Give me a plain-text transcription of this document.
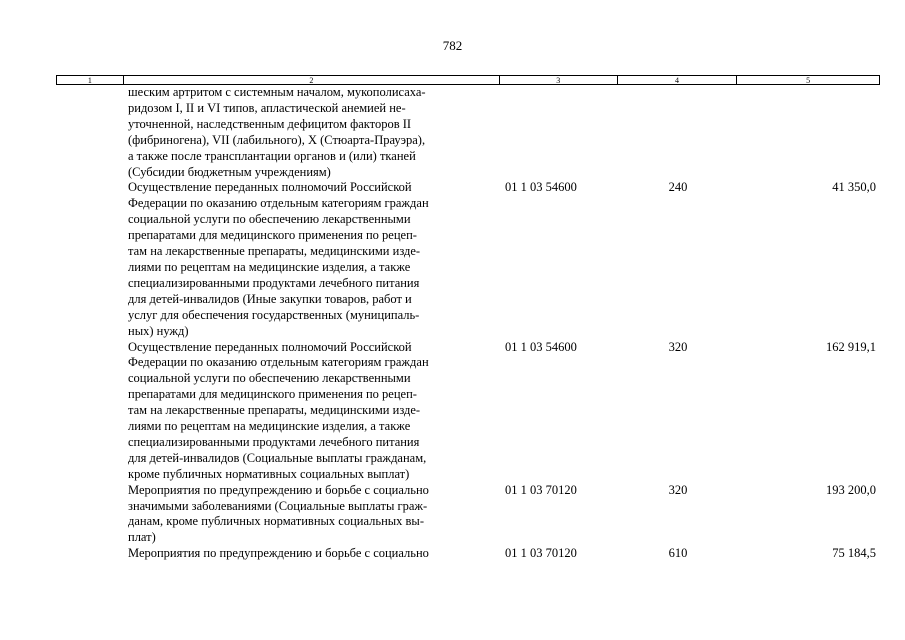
782
1	2	3	4	5
шеским артритом с системным началом, мукополисаха-
ридозом I, II и VI типов, апластической анемией не-
уточненной, наследственным дефицитом факторов II
(фибриногена), VII (лабильного), X (Стюарта-Прауэра),
а также после трансплантации органов и (или) тканей
(Субсидии бюджетным учреждениям)
Осуществление переданных полномочий Российской
Федерации по оказанию отдельным категориям граждан
социальной услуги по обеспечению лекарственными
препаратами для медицинского применения по рецеп-
там на лекарственные препараты, медицинскими изде-
лиями по рецептам на медицинские изделия, а также
специализированными продуктами лечебного питания
для детей-инвалидов (Иные закупки товаров, работ и
услуг для обеспечения государственных (муниципаль-
ных) нужд)
01 1 03 54600	240	41 350,0
Осуществление переданных полномочий Российской
Федерации по оказанию отдельным категориям граждан
социальной услуги по обеспечению лекарственными
препаратами для медицинского применения по рецеп-
там на лекарственные препараты, медицинскими изде-
лиями по рецептам на медицинские изделия, а также
специализированными продуктами лечебного питания
для детей-инвалидов (Социальные выплаты гражданам,
кроме публичных нормативных социальных выплат)
01 1 03 54600	320	162 919,1
Мероприятия по предупреждению и борьбе с социально
значимыми заболеваниями (Социальные выплаты граж-
данам, кроме публичных нормативных социальных вы-
плат)
01 1 03 70120	320	193 200,0
Мероприятия по предупреждению и борьбе с социально	01 1 03 70120	610	75 184,5
